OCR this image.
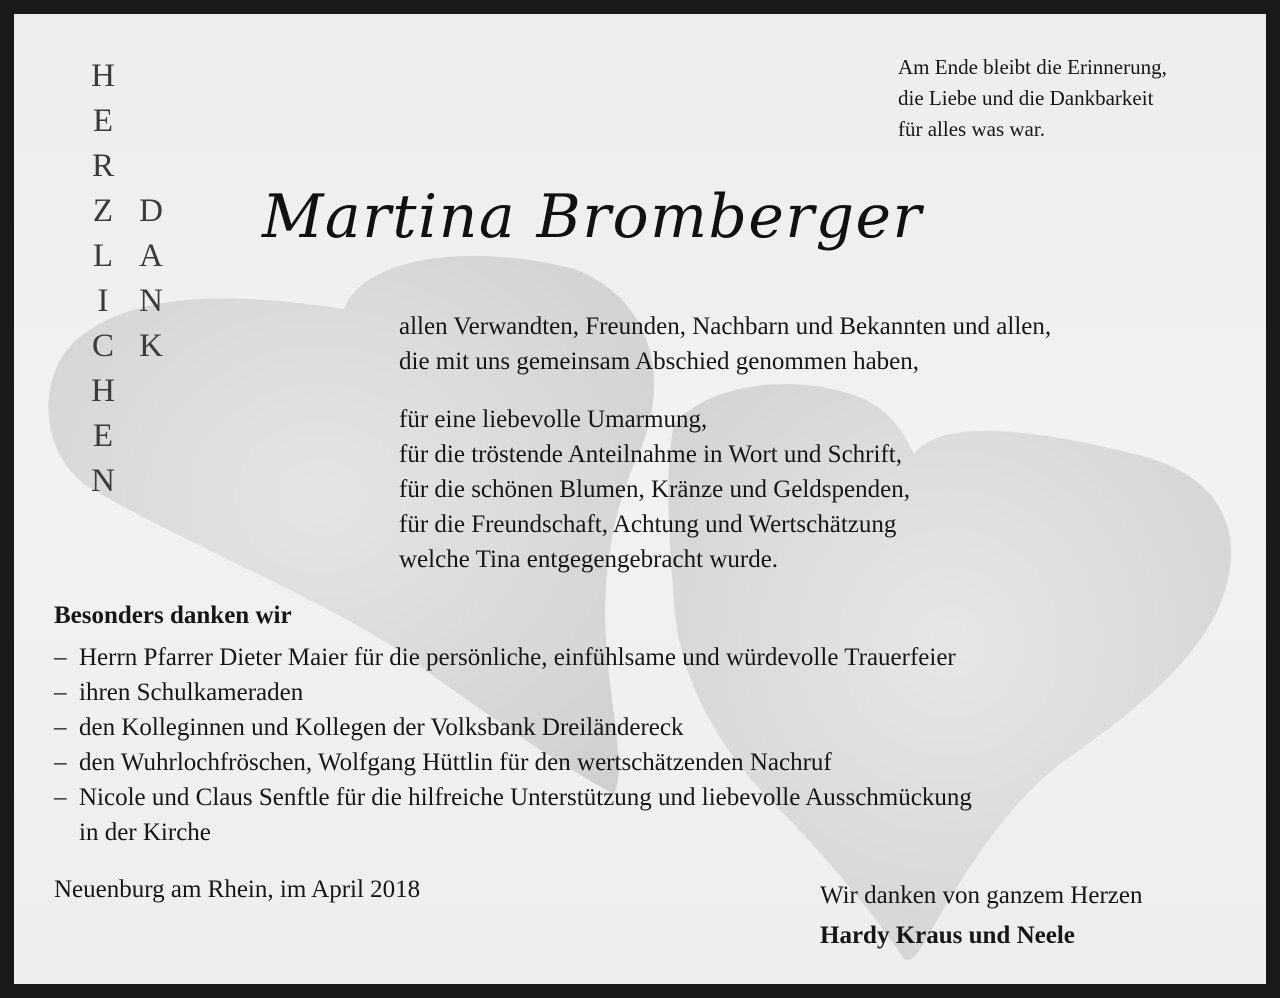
H
E
R
Z
L
I
C
H
E
N
D
A
N
K
Am Ende bleibt die Erinnerung,
die Liebe und die Dankbarkeit
für alles was war.
Martina Bromberger
allen Verwandten, Freunden, Nachbarn und Bekannten und allen,
die mit uns gemeinsam Abschied genommen haben,
für eine liebevolle Umarmung,
für die tröstende Anteilnahme in Wort und Schrift,
für die schönen Blumen, Kränze und Geldspenden,
für die Freundschaft, Achtung und Wertschätzung
welche Tina entgegengebracht wurde.
Besonders danken wir
– Herrn Pfarrer Dieter Maier für die persönliche, einfühlsame und würdevolle Trauerfeier
– ihren Schulkameraden
– den Kolleginnen und Kollegen der Volksbank Dreiländereck
– den Wuhrlochfröschen, Wolfgang Hüttlin für den wertschätzenden Nachruf
– Nicole und Claus Senftle für die hilfreiche Unterstützung und liebevolle Ausschmückung
in der Kirche
Neuenburg am Rhein, im April 2018	Wir danken von ganzem Herzen
Hardy Kraus und Neele
